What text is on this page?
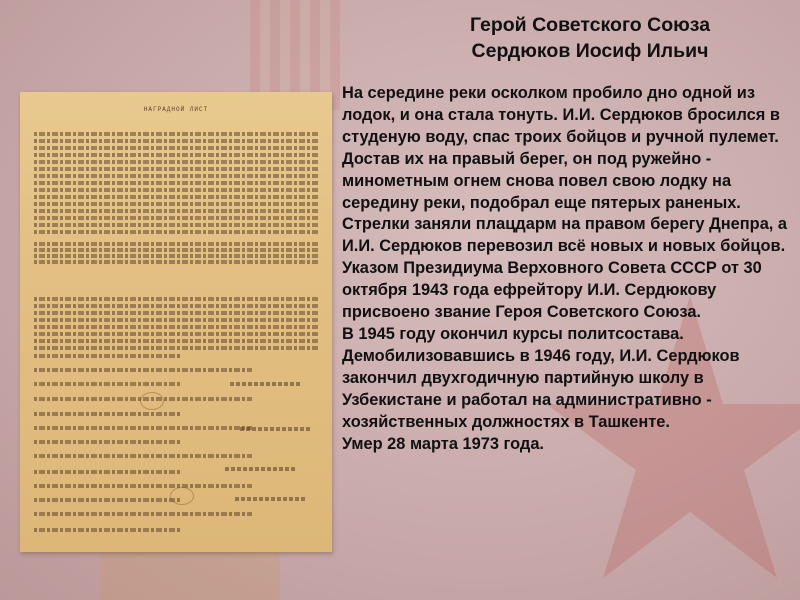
Герой Советского Союза
Сердюков Иосиф Ильич
НАГРАДНОЙ ЛИСТ

На середине реки осколком пробило дно одной из лодок, и она стала тонуть. И.И. Сердюков бросился в студеную воду, спас троих бойцов и ручной пулемет. Достав их на правый берег, он под ружейно - минометным огнем снова повел свою лодку на середину реки, подобрал еще пятерых раненых. Стрелки заняли плацдарм на правом берегу Днепра, а И.И. Сердюков перевозил всё новых и новых бойцов. Указом Президиума Верховного Совета СССР от 30 октября 1943 года ефрейтору И.И. Сердюкову присвоено звание Героя Советского Союза.

В 1945 году окончил курсы политсостава. Демобилизовавшись в 1946 году, И.И. Сердюков закончил двухгодичную партийную школу в Узбекистане и работал на административно - хозяйственных должностях в Ташкенте.

Умер 28 марта 1973 года.
